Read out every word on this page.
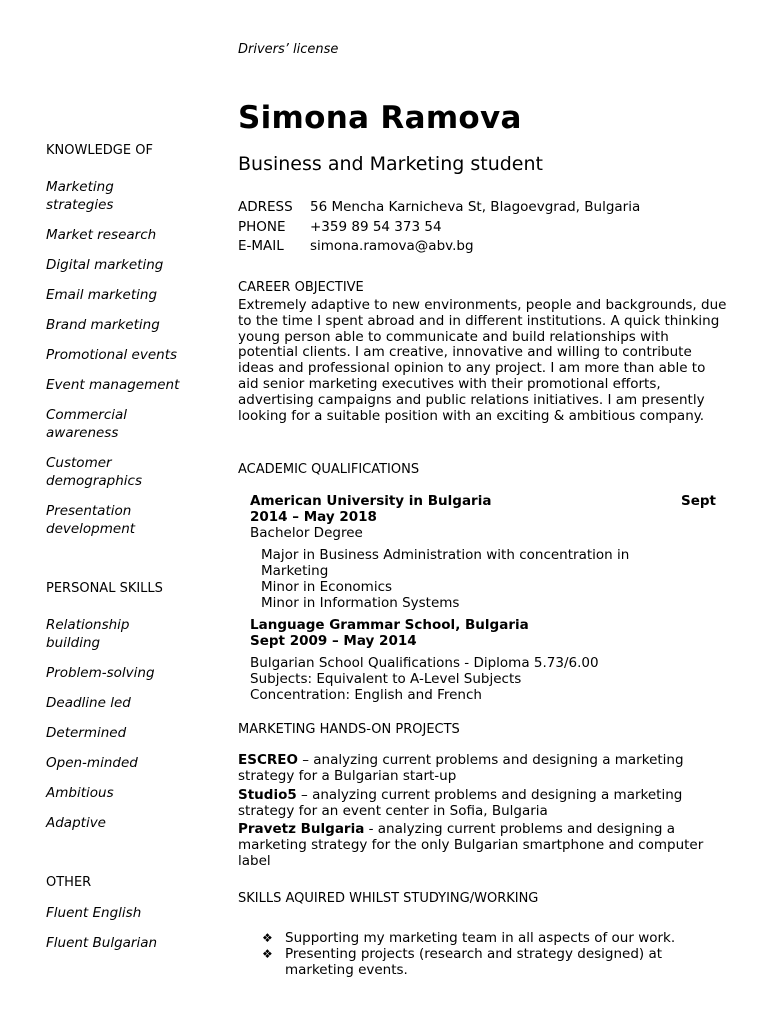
Drivers’ license
Simona Ramova
Business and Marketing student
ADRESS 56 Mencha Karnicheva St, Blagoevgrad, Bulgaria
PHONE +359 89 54 373 54
E-MAIL simona.ramova@abv.bg
KNOWLEDGE OF
Marketing strategies
Market research
Digital marketing
Email marketing
Brand marketing
Promotional events
Event management
Commercial awareness
Customer demographics
Presentation development
PERSONAL SKILLS
Relationship building
Problem-solving
Deadline led
Determined
Open-minded
Ambitious
Adaptive
OTHER
Fluent English
Fluent Bulgarian
CAREER OBJECTIVE
Extremely adaptive to new environments, people and backgrounds, due to the time I spent abroad and in different institutions. A quick thinking young person able to communicate and build relationships with potential clients. I am creative, innovative and willing to contribute ideas and professional opinion to any project. I am more than able to aid senior marketing executives with their promotional efforts, advertising campaigns and public relations initiatives. I am presently looking for a suitable position with an exciting & ambitious company.
ACADEMIC QUALIFICATIONS
American University in Bulgaria	Sept
2014 – May 2018
Bachelor Degree
Major in Business Administration with concentration in
Marketing
Minor in Economics
Minor in Information Systems
Language Grammar School, Bulgaria
Sept 2009 – May 2014
Bulgarian School Qualifications - Diploma 5.73/6.00
Subjects: Equivalent to A-Level Subjects
Concentration: English and French
MARKETING HANDS-ON PROJECTS
ESCREO – analyzing current problems and designing a marketing strategy for a Bulgarian start-up
Studio5 – analyzing current problems and designing a marketing strategy for an event center in Sofia, Bulgaria
Pravetz Bulgaria - analyzing current problems and designing a marketing strategy for the only Bulgarian smartphone and computer label
SKILLS AQUIRED WHILST STUDYING/WORKING
❖ Supporting my marketing team in all aspects of our work.
❖ Presenting projects (research and strategy designed) at marketing events.
